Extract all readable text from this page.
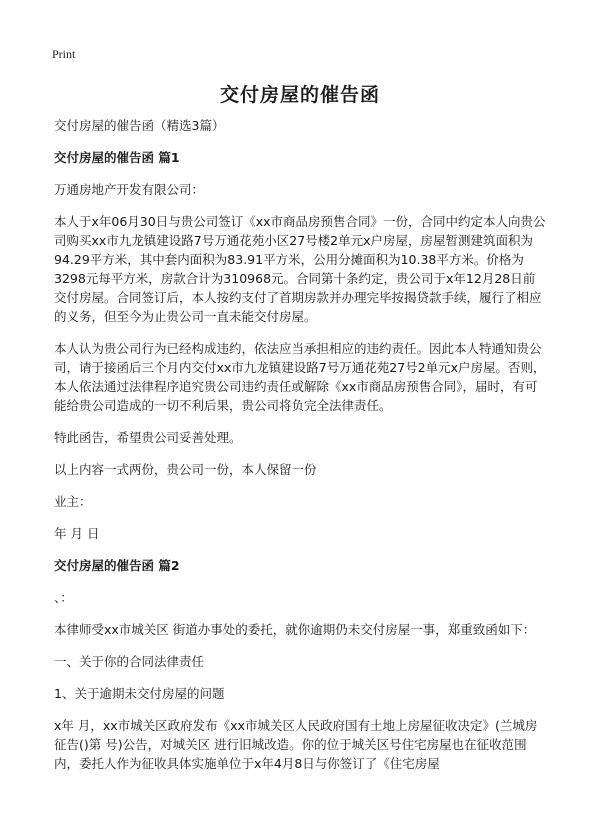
Print
交付房屋的催告函

交付房屋的催告函（精选3篇）

交付房屋的催告函 篇1

万通房地产开发有限公司：

本人于x年06月30日与贵公司签订《xx市商品房预售合同》一份，合同中约定本人向贵公司购买xx市九龙镇建设路7号万通花苑小区27号楼2单元x户房屋，房屋暂测建筑面积为94.29平方米，其中套内面积为83.91平方米，公用分摊面积为10.38平方米。价格为3298元每平方米，房款合计为310968元。合同第十条约定，贵公司于x年12月28日前交付房屋。合同签订后，本人按约支付了首期房款并办理完毕按揭贷款手续，履行了相应的义务，但至今为止贵公司一直未能交付房屋。

本人认为贵公司行为已经构成违约，依法应当承担相应的违约责任。因此本人特通知贵公司，请于接函后三个月内交付xx市九龙镇建设路7号万通花苑27号2单元x户房屋。否则，本人依法通过法律程序追究贵公司违约责任或解除《xx市商品房预售合同》，届时，有可能给贵公司造成的一切不利后果，贵公司将负完全法律责任。

特此函告，希望贵公司妥善处理。

以上内容一式两份，贵公司一份，本人保留一份

业主：

年 月 日

交付房屋的催告函 篇2

、：

本律师受xx市城关区 街道办事处的委托，就你逾期仍未交付房屋一事，郑重致函如下：

一、关于你的合同法律责任

1、关于逾期未交付房屋的问题

x年 月，xx市城关区政府发布《xx市城关区人民政府国有土地上房屋征收决定》(兰城房征告()第 号)公告，对城关区 进行旧城改造。你的位于城关区号住宅房屋也在征收范围内，委托人作为征收具体实施单位于x年4月8日与你签订了《住宅房屋
